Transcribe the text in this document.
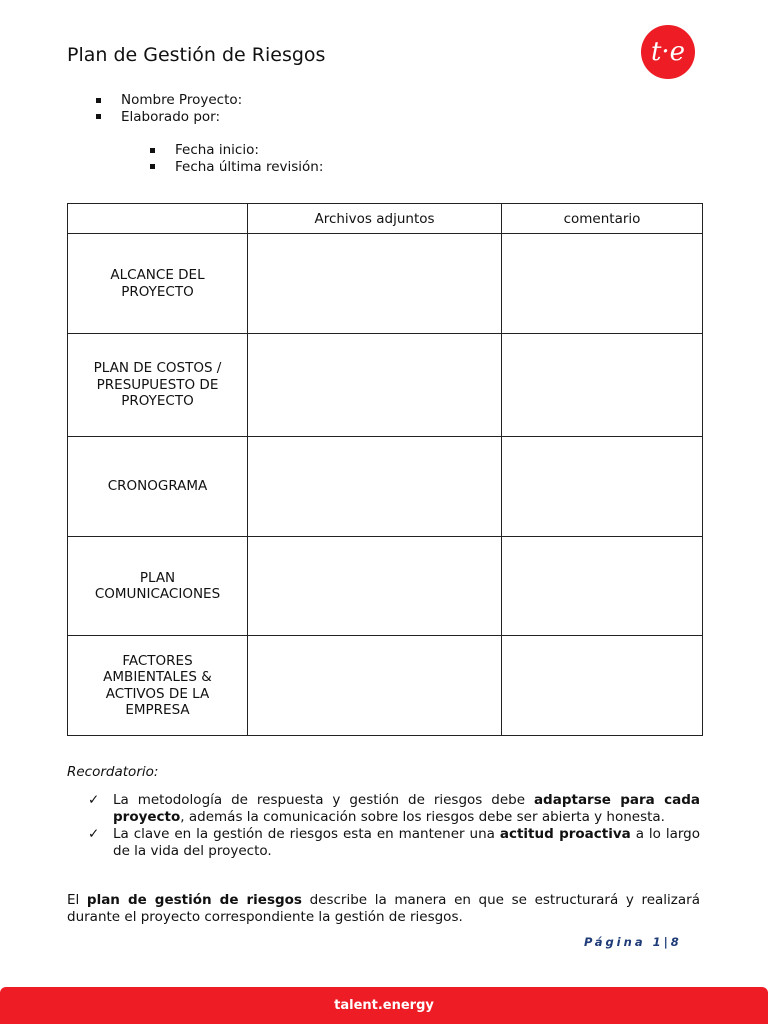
Plan de Gestión de Riesgos	t·e
Nombre Proyecto:
Elaborado por:
Fecha inicio:
Fecha última revisión:
	Archivos adjuntos	comentario
ALCANCE DEL PROYECTO		
PLAN DE COSTOS / PRESUPUESTO DE PROYECTO		
CRONOGRAMA		
PLAN COMUNICACIONES		
FACTORES AMBIENTALES & ACTIVOS DE LA EMPRESA		
Recordatorio:
✓	La metodología de respuesta y gestión de riesgos debe adaptarse para cada proyecto, además la comunicación sobre los riesgos debe ser abierta y honesta.
✓	La clave en la gestión de riesgos esta en mantener una actitud proactiva a lo largo de la vida del proyecto.
El plan de gestión de riesgos describe la manera en que se estructurará y realizará durante el proyecto correspondiente la gestión de riesgos.
Página 1|8
talent.energy
